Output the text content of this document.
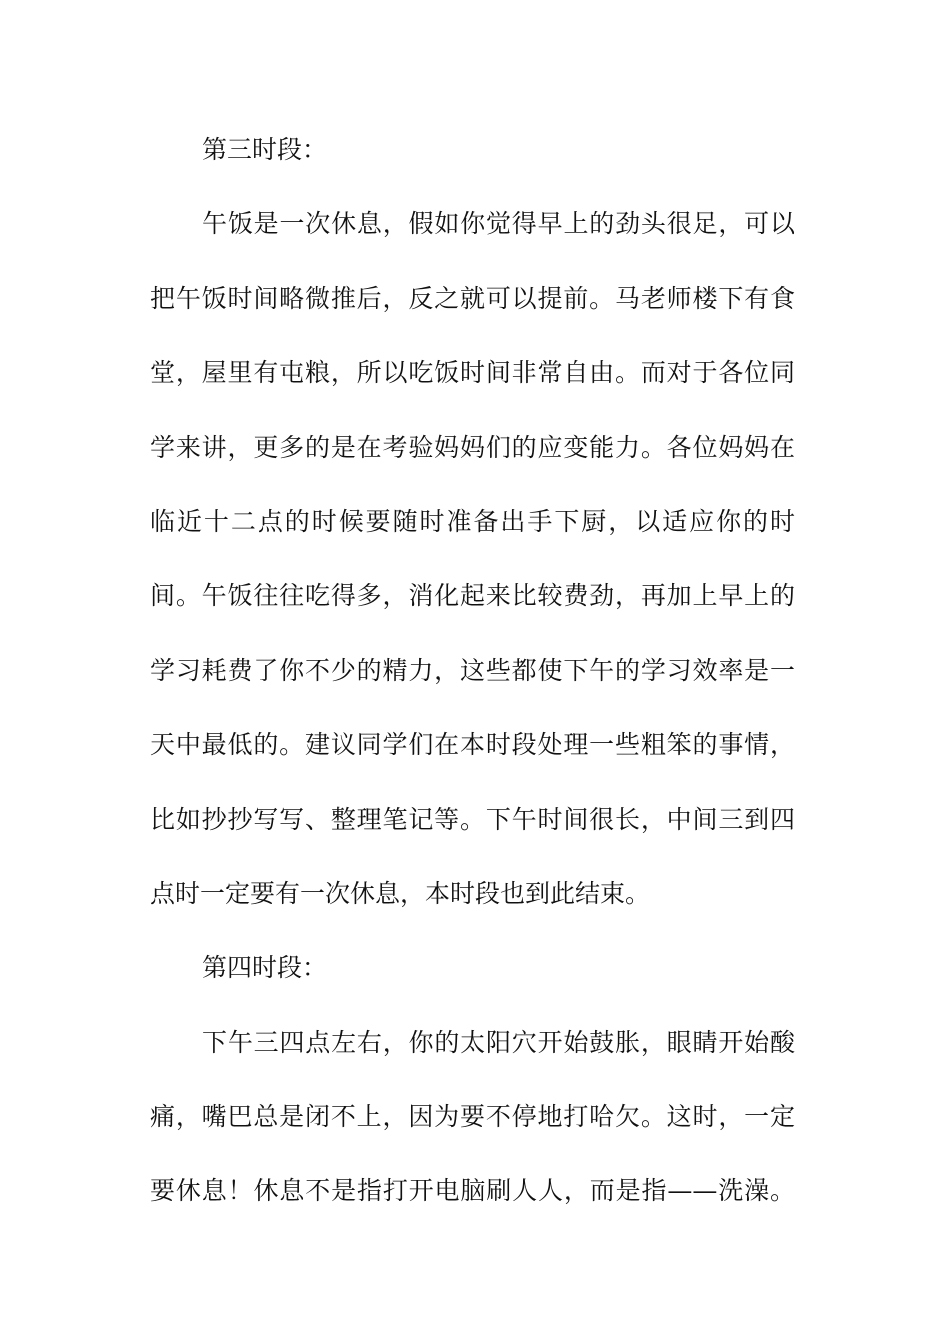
第三时段：
午饭是一次休息，假如你觉得早上的劲头很足，可以
把午饭时间略微推后，反之就可以提前。马老师楼下有食
堂，屋里有屯粮，所以吃饭时间非常自由。而对于各位同
学来讲，更多的是在考验妈妈们的应变能力。各位妈妈在
临近十二点的时候要随时准备出手下厨，以适应你的时
间。午饭往往吃得多，消化起来比较费劲，再加上早上的
学习耗费了你不少的精力，这些都使下午的学习效率是一
天中最低的。建议同学们在本时段处理一些粗笨的事情，
比如抄抄写写、整理笔记等。下午时间很长，中间三到四
点时一定要有一次休息，本时段也到此结束。
第四时段：
下午三四点左右，你的太阳穴开始鼓胀，眼睛开始酸
痛，嘴巴总是闭不上，因为要不停地打哈欠。这时，一定
要休息！休息不是指打开电脑刷人人，而是指——洗澡。
